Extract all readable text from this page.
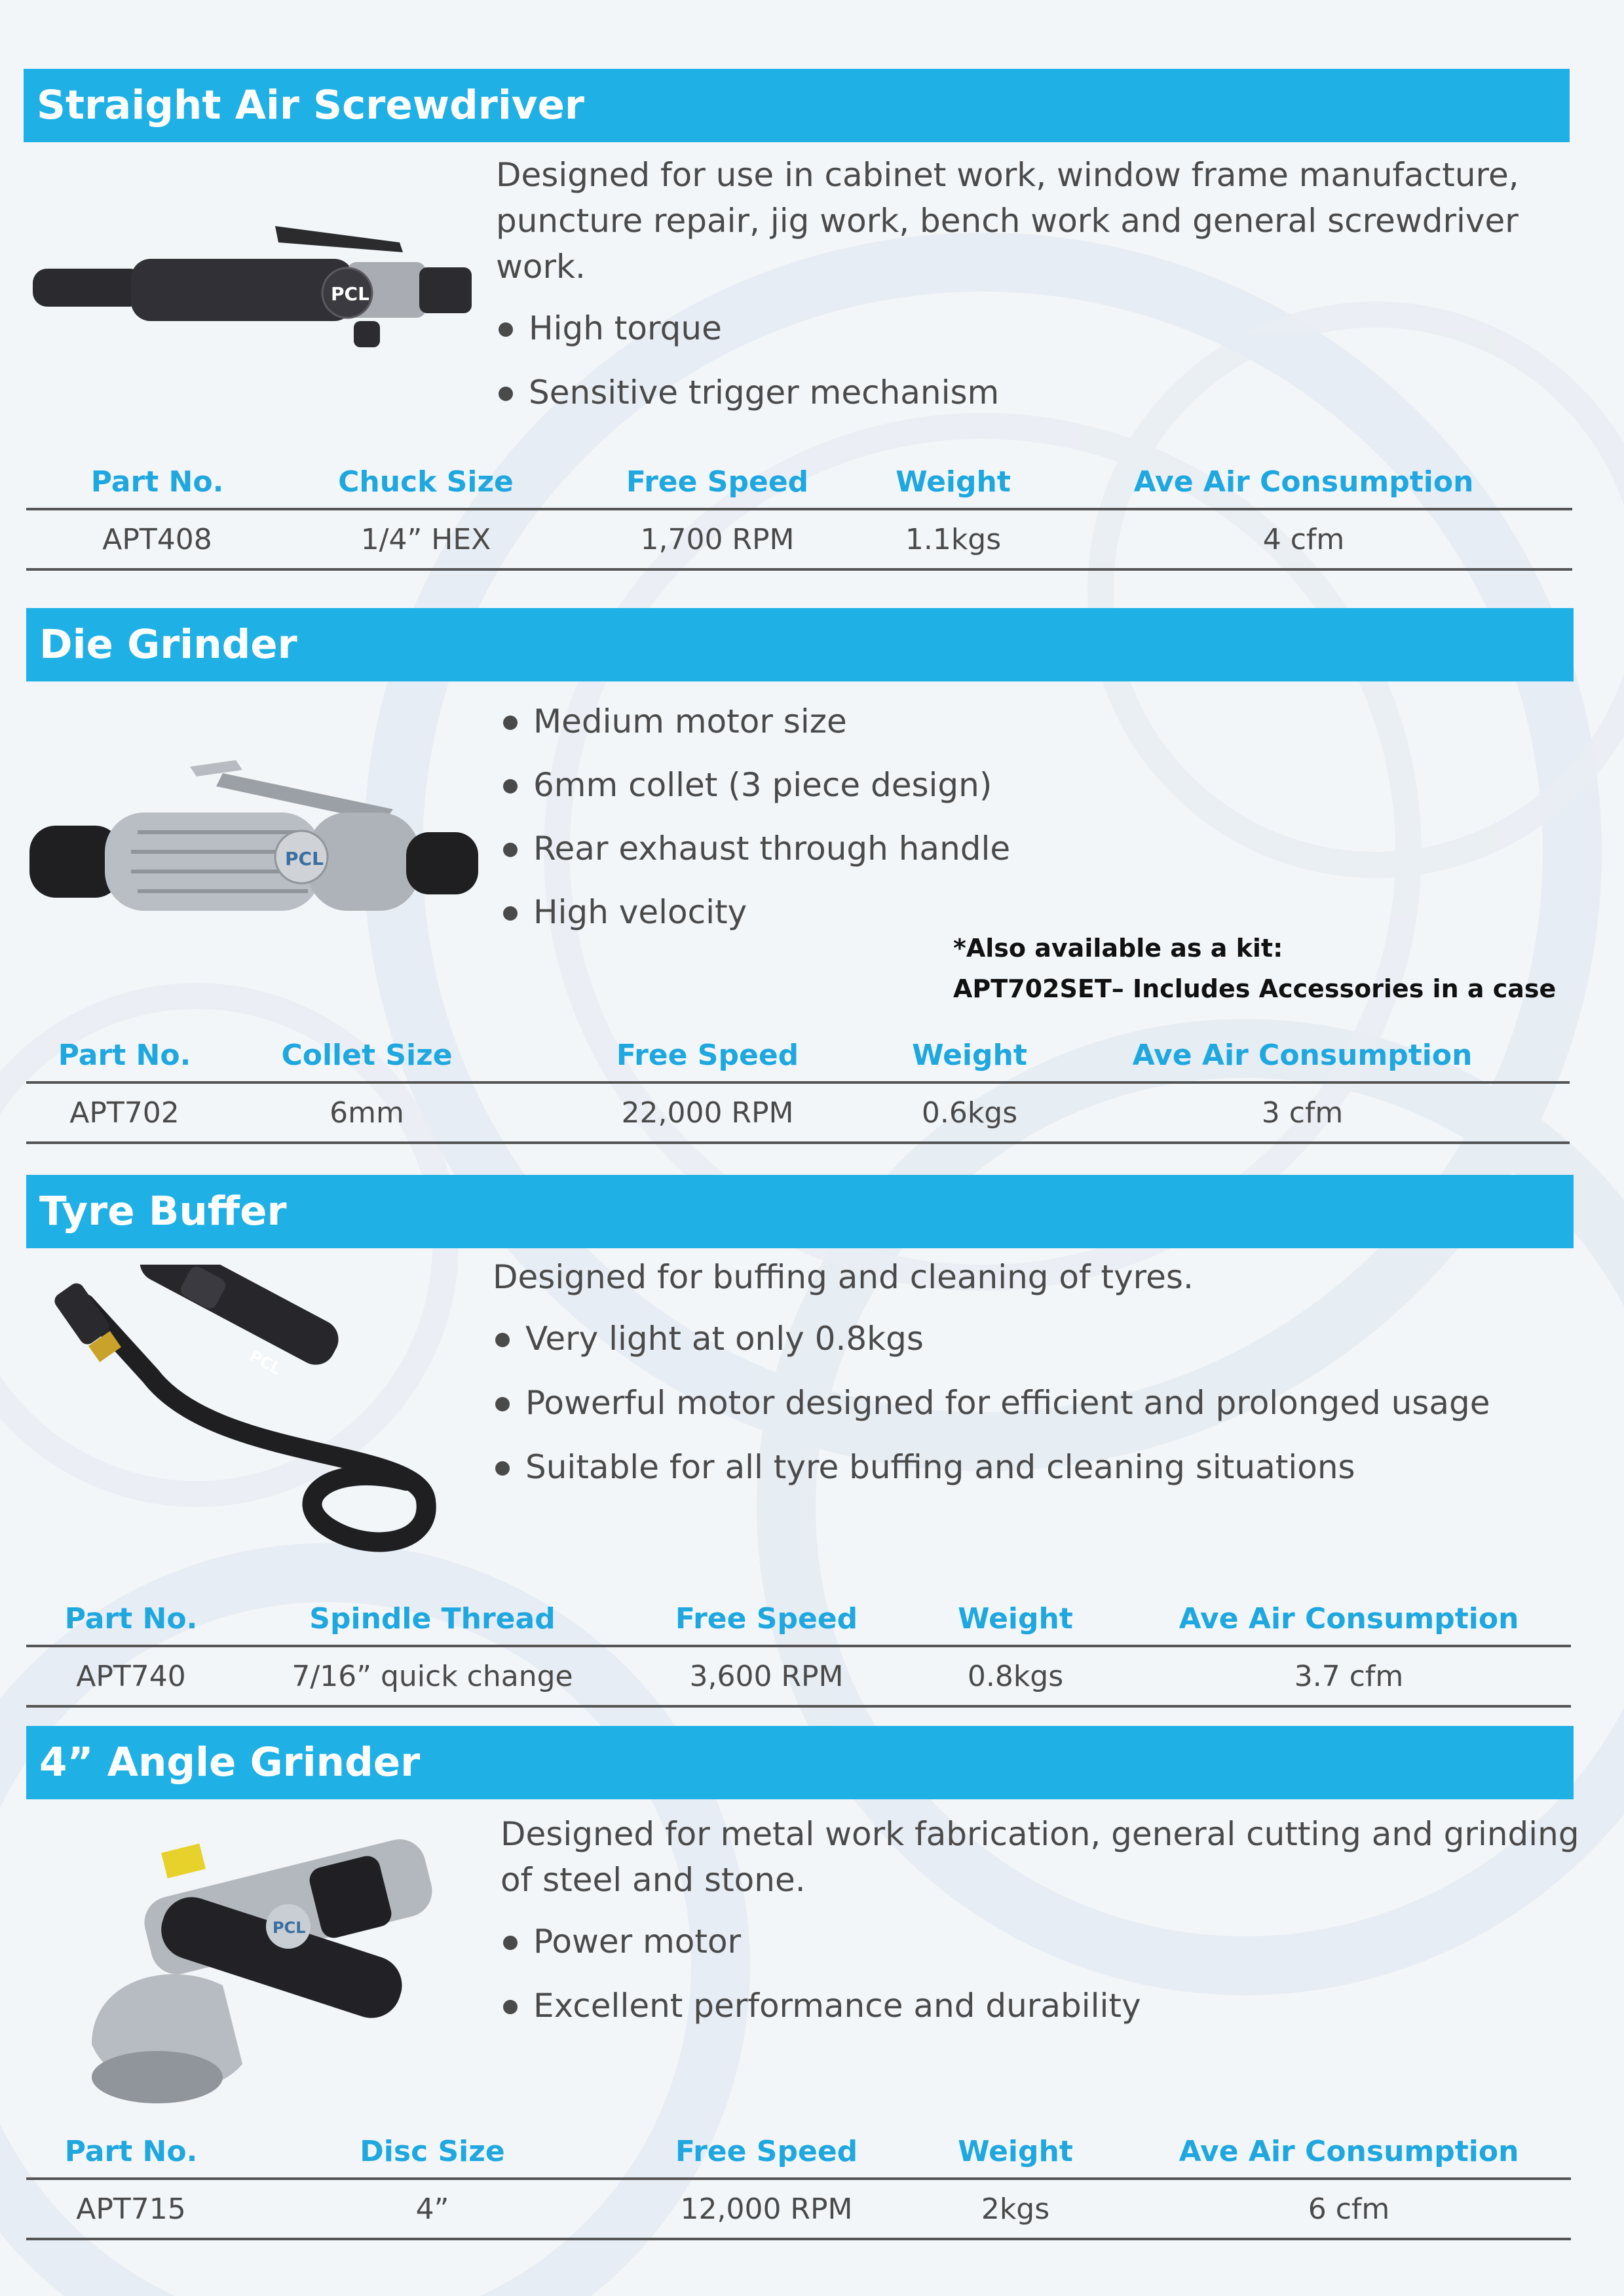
Straight Air Screwdriver
PCL

Designed for use in cabinet work, window frame manufacture, puncture repair, jig work, bench work and general screwdriver work.

High torque
Sensitive trigger mechanism
Part No.	Chuck Size	Free Speed	Weight	Ave Air Consumption
APT408	1/4” HEX	1,700 RPM	1.1kgs	4 cfm
Die Grinder
PCL
Medium motor size
6mm collet (3 piece design)
Rear exhaust through handle
High velocity
*Also available as a kit:
APT702SET– Includes Accessories in a case
Part No.	Collet Size	Free Speed	Weight	Ave Air Consumption
APT702	6mm	22,000 RPM	0.6kgs	3 cfm
Tyre Buffer
PCL

Designed for buffing and cleaning of tyres.

Very light at only 0.8kgs
Powerful motor designed for efficient and prolonged usage
Suitable for all tyre buffing and cleaning situations
Part No.	Spindle Thread	Free Speed	Weight	Ave Air Consumption
APT740	7/16” quick change	3,600 RPM	0.8kgs	3.7 cfm
4” Angle Grinder
PCL

Designed for metal work fabrication, general cutting and grinding of steel and stone.

Power motor
Excellent performance and durability
Part No.	Disc Size	Free Speed	Weight	Ave Air Consumption
APT715	4”	12,000 RPM	2kgs	6 cfm
